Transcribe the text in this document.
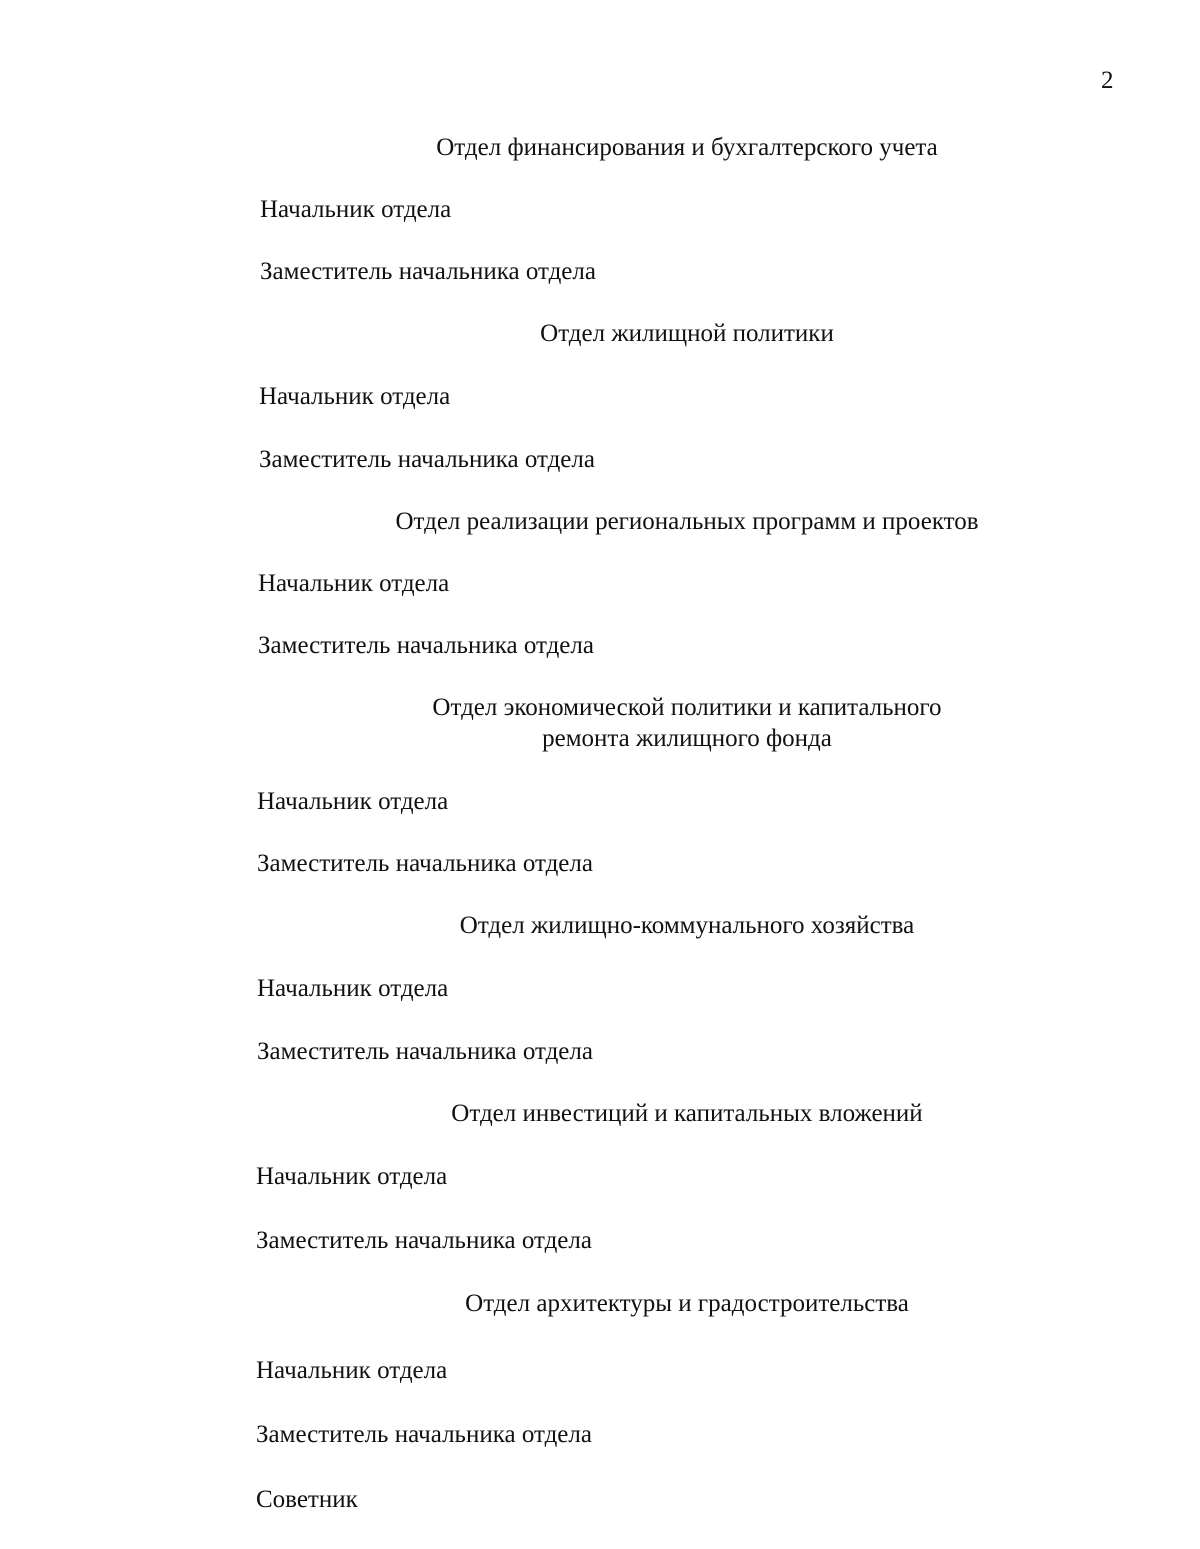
2
Отдел финансирования и бухгалтерского учета
Начальник отдела
Заместитель начальника отдела
Отдел жилищной политики
Начальник отдела
Заместитель начальника отдела
Отдел реализации региональных программ и проектов
Начальник отдела
Заместитель начальника отдела
Отдел экономической политики и капитального
ремонта жилищного фонда
Начальник отдела
Заместитель начальника отдела
Отдел жилищно-коммунального хозяйства
Начальник отдела
Заместитель начальника отдела
Отдел инвестиций и капитальных вложений
Начальник отдела
Заместитель начальника отдела
Отдел архитектуры и градостроительства
Начальник отдела
Заместитель начальника отдела
Советник
